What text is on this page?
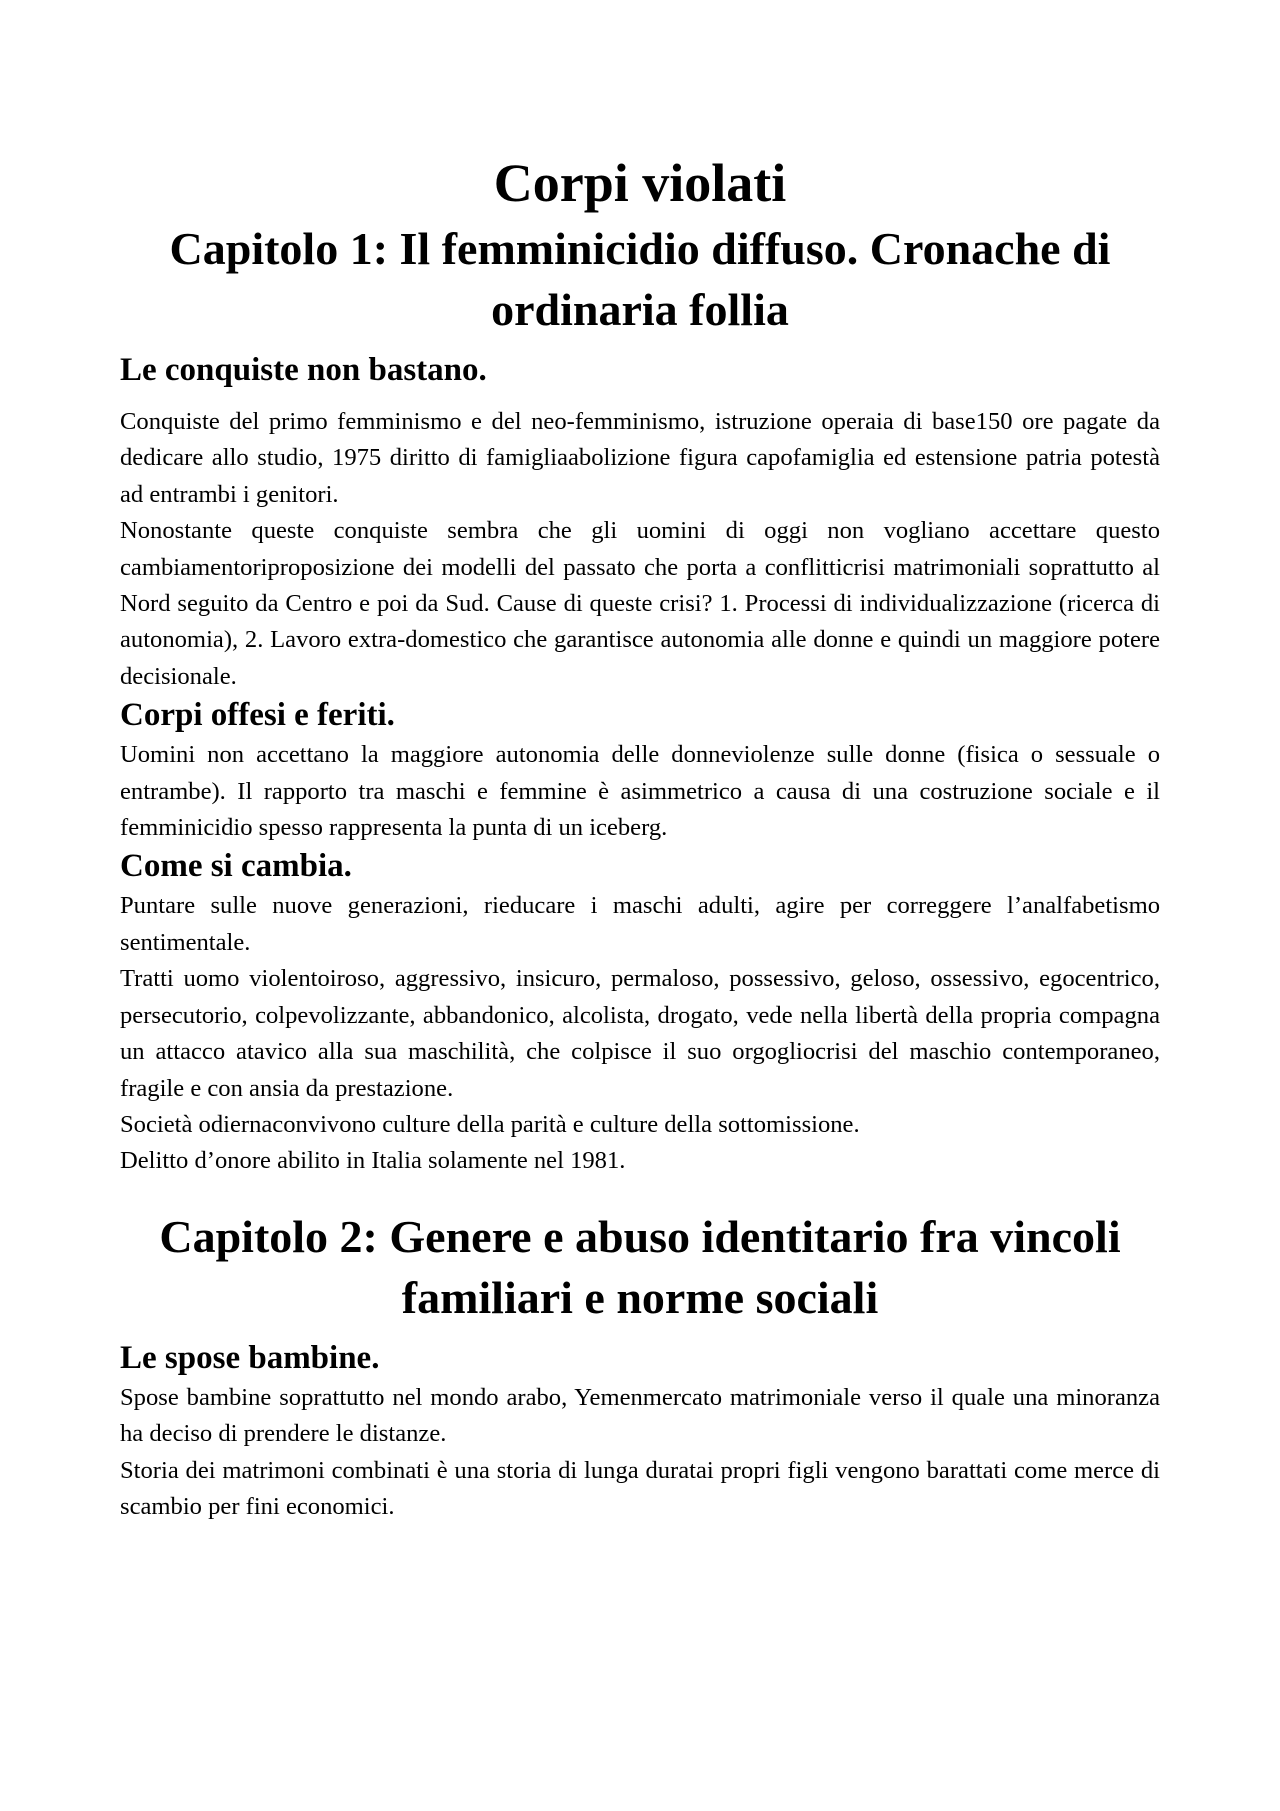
Corpi violati
Capitolo 1: Il femminicidio diffuso. Cronache di ordinaria follia
Le conquiste non bastano.

Conquiste del primo femminismo e del neo-femminismo, istruzione operaia di base150 ore pagate da dedicare allo studio, 1975 diritto di famigliaabolizione figura capofamiglia ed estensione patria potestà ad entrambi i genitori.

Nonostante queste conquiste sembra che gli uomini di oggi non vogliano accettare questo cambiamentoriproposizione dei modelli del passato che porta a conflitticrisi matrimoniali soprattutto al Nord seguito da Centro e poi da Sud. Cause di queste crisi? 1. Processi di individualizzazione (ricerca di autonomia), 2. Lavoro extra-domestico che garantisce autonomia alle donne e quindi un maggiore potere decisionale.

Corpi offesi e feriti.

Uomini non accettano la maggiore autonomia delle donneviolenze sulle donne (fisica o sessuale o entrambe). Il rapporto tra maschi e femmine è asimmetrico a causa di una costruzione sociale e il femminicidio spesso rappresenta la punta di un iceberg.

Come si cambia.

Puntare sulle nuove generazioni, rieducare i maschi adulti, agire per correggere l’analfabetismo sentimentale.

Tratti uomo violentoiroso, aggressivo, insicuro, permaloso, possessivo, geloso, ossessivo, egocentrico, persecutorio, colpevolizzante, abbandonico, alcolista, drogato, vede nella libertà della propria compagna un attacco atavico alla sua maschilità, che colpisce il suo orgogliocrisi del maschio contemporaneo, fragile e con ansia da prestazione.

Società odiernaconvivono culture della parità e culture della sottomissione.

Delitto d’onore abilito in Italia solamente nel 1981.

Capitolo 2: Genere e abuso identitario fra vincoli familiari e norme sociali
Le spose bambine.

Spose bambine soprattutto nel mondo arabo, Yemenmercato matrimoniale verso il quale una minoranza ha deciso di prendere le distanze.

Storia dei matrimoni combinati è una storia di lunga duratai propri figli vengono barattati come merce di scambio per fini economici.
